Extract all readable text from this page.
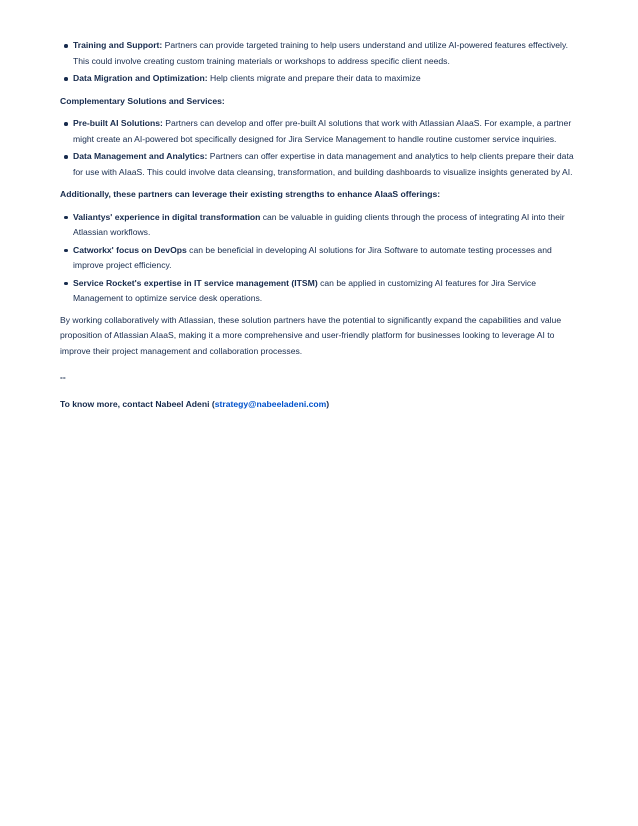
Training and Support: Partners can provide targeted training to help users understand and utilize AI-powered features effectively. This could involve creating custom training materials or workshops to address specific client needs.
Data Migration and Optimization: Help clients migrate and prepare their data to maximize
Complementary Solutions and Services:
Pre-built AI Solutions: Partners can develop and offer pre-built AI solutions that work with Atlassian AIaaS. For example, a partner might create an AI-powered bot specifically designed for Jira Service Management to handle routine customer service inquiries.
Data Management and Analytics: Partners can offer expertise in data management and analytics to help clients prepare their data for use with AIaaS. This could involve data cleansing, transformation, and building dashboards to visualize insights generated by AI.
Additionally, these partners can leverage their existing strengths to enhance AIaaS offerings:
Valiantys' experience in digital transformation can be valuable in guiding clients through the process of integrating AI into their Atlassian workflows.
Catworkx' focus on DevOps can be beneficial in developing AI solutions for Jira Software to automate testing processes and improve project efficiency.
Service Rocket's expertise in IT service management (ITSM) can be applied in customizing AI features for Jira Service Management to optimize service desk operations.

By working collaboratively with Atlassian, these solution partners have the potential to significantly expand the capabilities and value proposition of Atlassian AIaaS, making it a more comprehensive and user-friendly platform for businesses looking to leverage AI to improve their project management and collaboration processes.

--
To know more, contact Nabeel Adeni (strategy@nabeeladeni.com)
